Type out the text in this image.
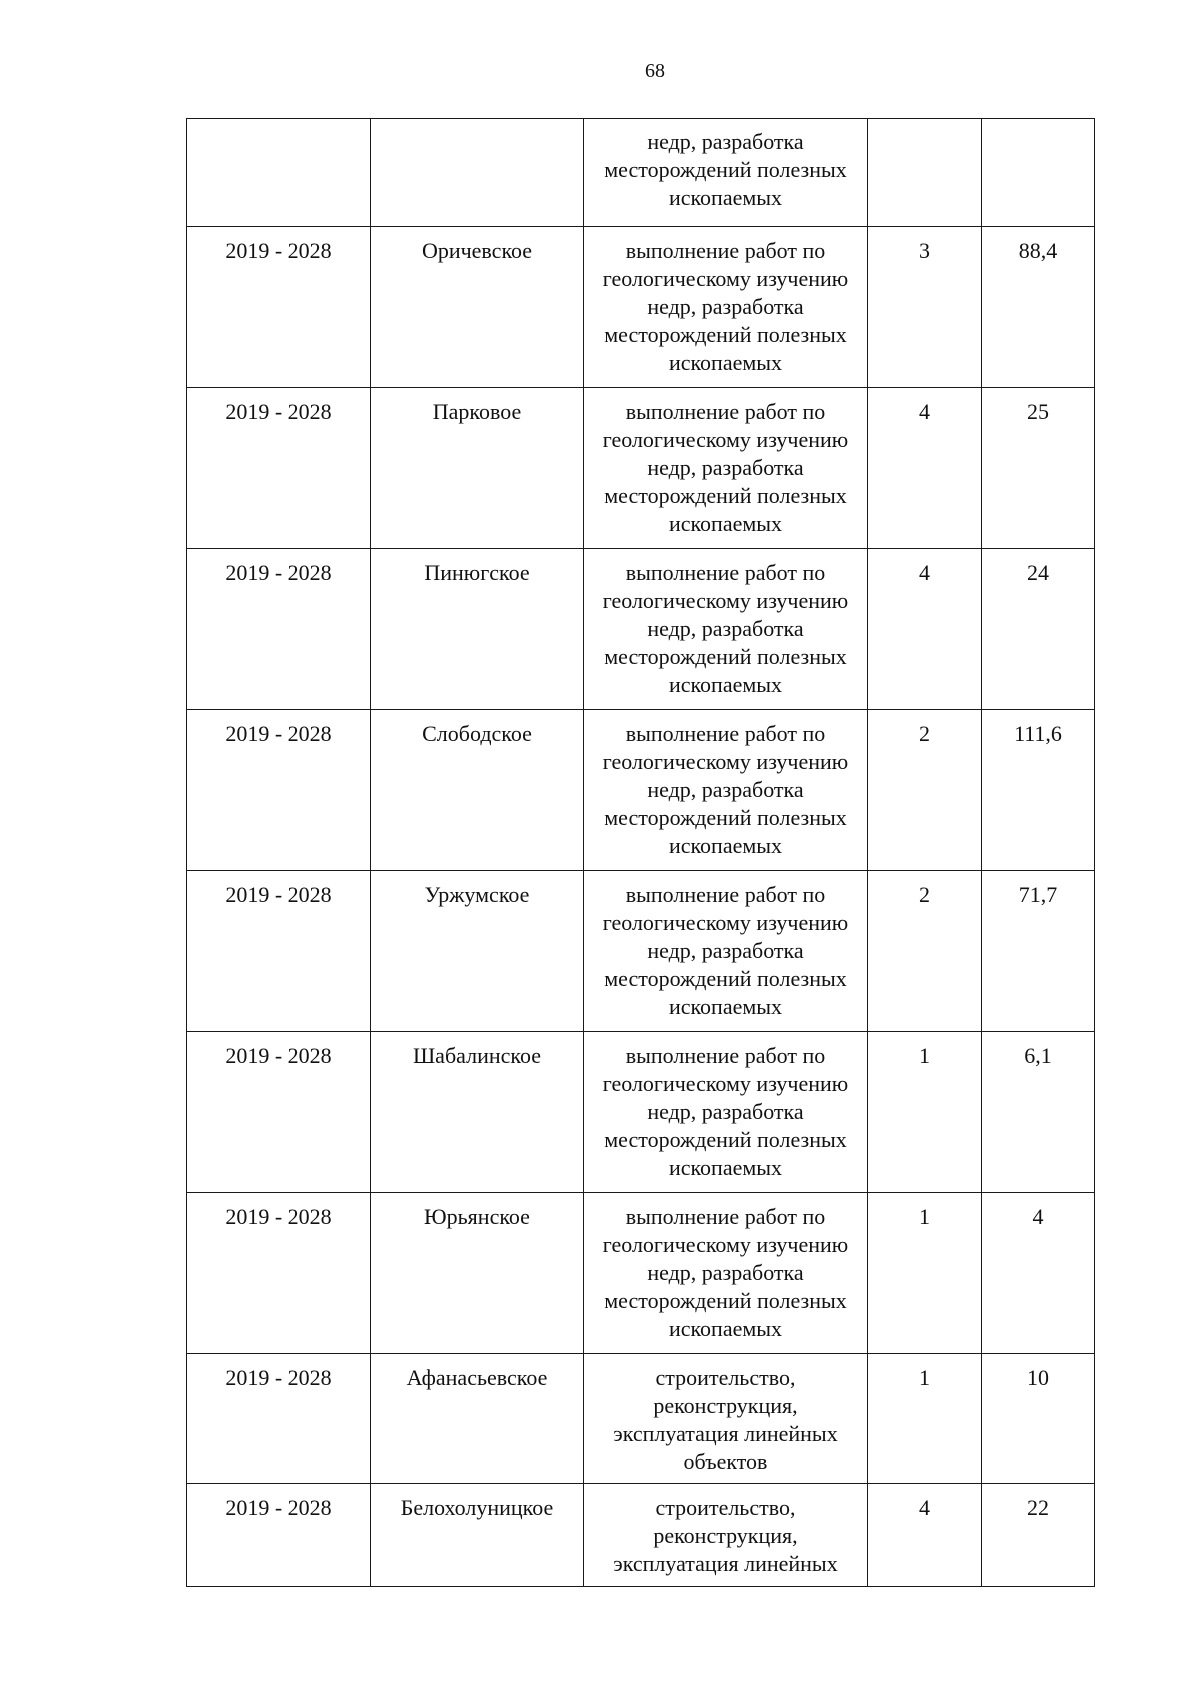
68
		недр, разработка
месторождений полезных
ископаемых		
2019 - 2028	Оричевское	выполнение работ по
геологическому изучению
недр, разработка
месторождений полезных
ископаемых	3	88,4
2019 - 2028	Парковое	выполнение работ по
геологическому изучению
недр, разработка
месторождений полезных
ископаемых	4	25
2019 - 2028	Пинюгское	выполнение работ по
геологическому изучению
недр, разработка
месторождений полезных
ископаемых	4	24
2019 - 2028	Слободское	выполнение работ по
геологическому изучению
недр, разработка
месторождений полезных
ископаемых	2	111,6
2019 - 2028	Уржумское	выполнение работ по
геологическому изучению
недр, разработка
месторождений полезных
ископаемых	2	71,7
2019 - 2028	Шабалинское	выполнение работ по
геологическому изучению
недр, разработка
месторождений полезных
ископаемых	1	6,1
2019 - 2028	Юрьянское	выполнение работ по
геологическому изучению
недр, разработка
месторождений полезных
ископаемых	1	4
2019 - 2028	Афанасьевское	строительство,
реконструкция,
эксплуатация линейных
объектов	1	10
2019 - 2028	Белохолуницкое	строительство,
реконструкция,
эксплуатация линейных	4	22
